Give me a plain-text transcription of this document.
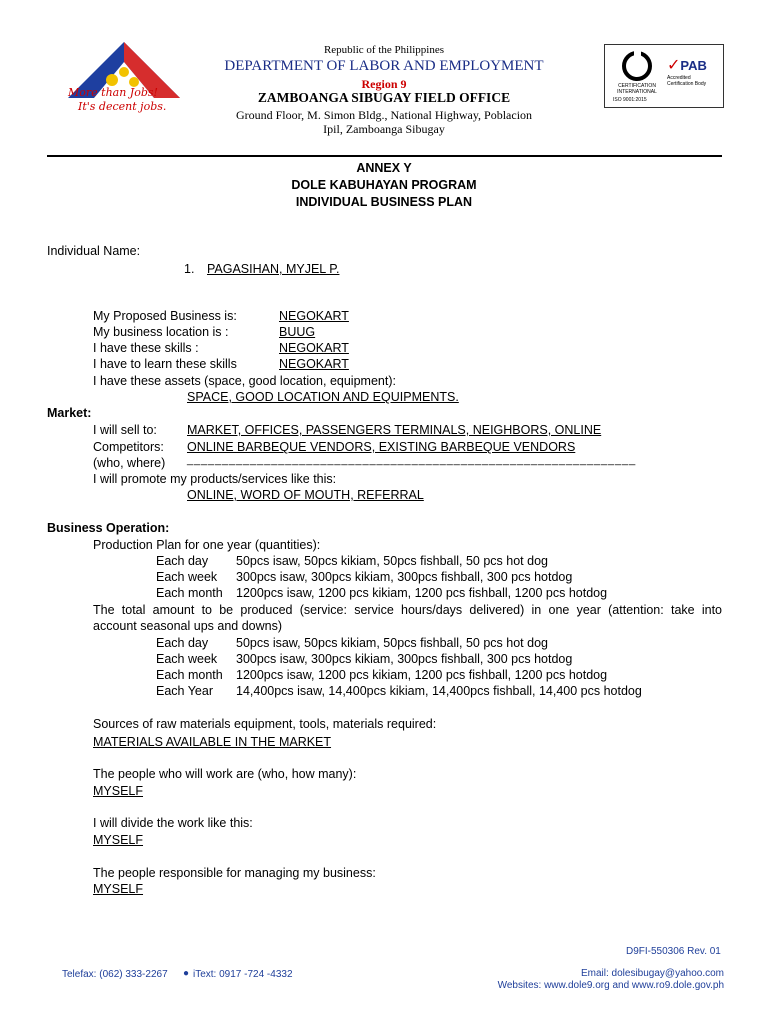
More than Jobs!
It's decent jobs.
Republic of the Philippines
DEPARTMENT OF LABOR AND EMPLOYMENT
Region 9
ZAMBOANGA SIBUGAY FIELD OFFICE
Ground Floor, M. Simon Bldg., National Highway, Poblacion
Ipil, Zamboanga Sibugay
CERTIFICATION INTERNATIONAL
ISO 9001:2015
✓PAB
Accredited Certification Body
ANNEX Y
DOLE KABUHAYAN PROGRAM
INDIVIDUAL BUSINESS PLAN
Individual Name:
1. PAGASIHAN, MYJEL P.
My Proposed Business is:	NEGOKART
My business location is :	BUUG
I have these skills :	NEGOKART
I have to learn these skills	NEGOKART
I have these assets (space, good location, equipment):
SPACE, GOOD LOCATION AND EQUIPMENTS.
Market:
I will sell to: MARKET, OFFICES, PASSENGERS TERMINALS, NEIGHBORS, ONLINE
Competitors: ONLINE BARBEQUE VENDORS, EXISTING BARBEQUE VENDORS
(who, where) ________________________________________________________________
I will promote my products/services like this:
ONLINE, WORD OF MOUTH, REFERRAL
Business Operation:
Production Plan for one year (quantities):
Each day 50pcs isaw, 50pcs kikiam, 50pcs fishball, 50 pcs hot dog
Each week 300pcs isaw, 300pcs kikiam, 300pcs fishball, 300 pcs hotdog
Each month 1200pcs isaw, 1200 pcs kikiam, 1200 pcs fishball, 1200 pcs hotdog
The total amount to be produced (service: service hours/days delivered) in one year (attention: take into
account seasonal ups and downs)
Each day 50pcs isaw, 50pcs kikiam, 50pcs fishball, 50 pcs hot dog
Each week 300pcs isaw, 300pcs kikiam, 300pcs fishball, 300 pcs hotdog
Each month 1200pcs isaw, 1200 pcs kikiam, 1200 pcs fishball, 1200 pcs hotdog
Each Year 14,400pcs isaw, 14,400pcs kikiam, 14,400pcs fishball, 14,400 pcs hotdog
Sources of raw materials equipment, tools, materials required:
MATERIALS AVAILABLE IN THE MARKET
The people who will work are (who, how many):
MYSELF
I will divide the work like this:
MYSELF
The people responsible for managing my business:
MYSELF
D9FI-550306 Rev. 01
Telefax: (062) 333-2267 ● iText: 0917 -724 -4332	Email: dolesibugay@yahoo.com
Websites: www.dole9.org and www.ro9.dole.gov.ph
